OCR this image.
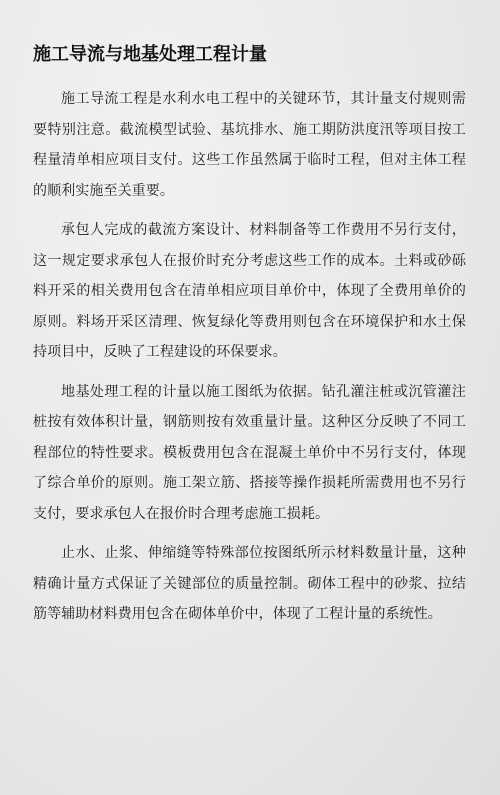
施工导流与地基处理工程计量

施工导流工程是水利水电工程中的关键环节，其计量支付规则需要特别注意。截流模型试验、基坑排水、施工期防洪度汛等项目按工程量清单相应项目支付。这些工作虽然属于临时工程，但对主体工程的顺利实施至关重要。

承包人完成的截流方案设计、材料制备等工作费用不另行支付，这一规定要求承包人在报价时充分考虑这些工作的成本。土料或砂砾料开采的相关费用包含在清单相应项目单价中，体现了全费用单价的原则。料场开采区清理、恢复绿化等费用则包含在环境保护和水土保持项目中，反映了工程建设的环保要求。

地基处理工程的计量以施工图纸为依据。钻孔灌注桩或沉管灌注桩按有效体积计量，钢筋则按有效重量计量。这种区分反映了不同工程部位的特性要求。模板费用包含在混凝土单价中不另行支付，体现了综合单价的原则。施工架立筋、搭接等操作损耗所需费用也不另行支付，要求承包人在报价时合理考虑施工损耗。

止水、止浆、伸缩缝等特殊部位按图纸所示材料数量计量，这种精确计量方式保证了关键部位的质量控制。砌体工程中的砂浆、拉结筋等辅助材料费用包含在砌体单价中，体现了工程计量的系统性。
